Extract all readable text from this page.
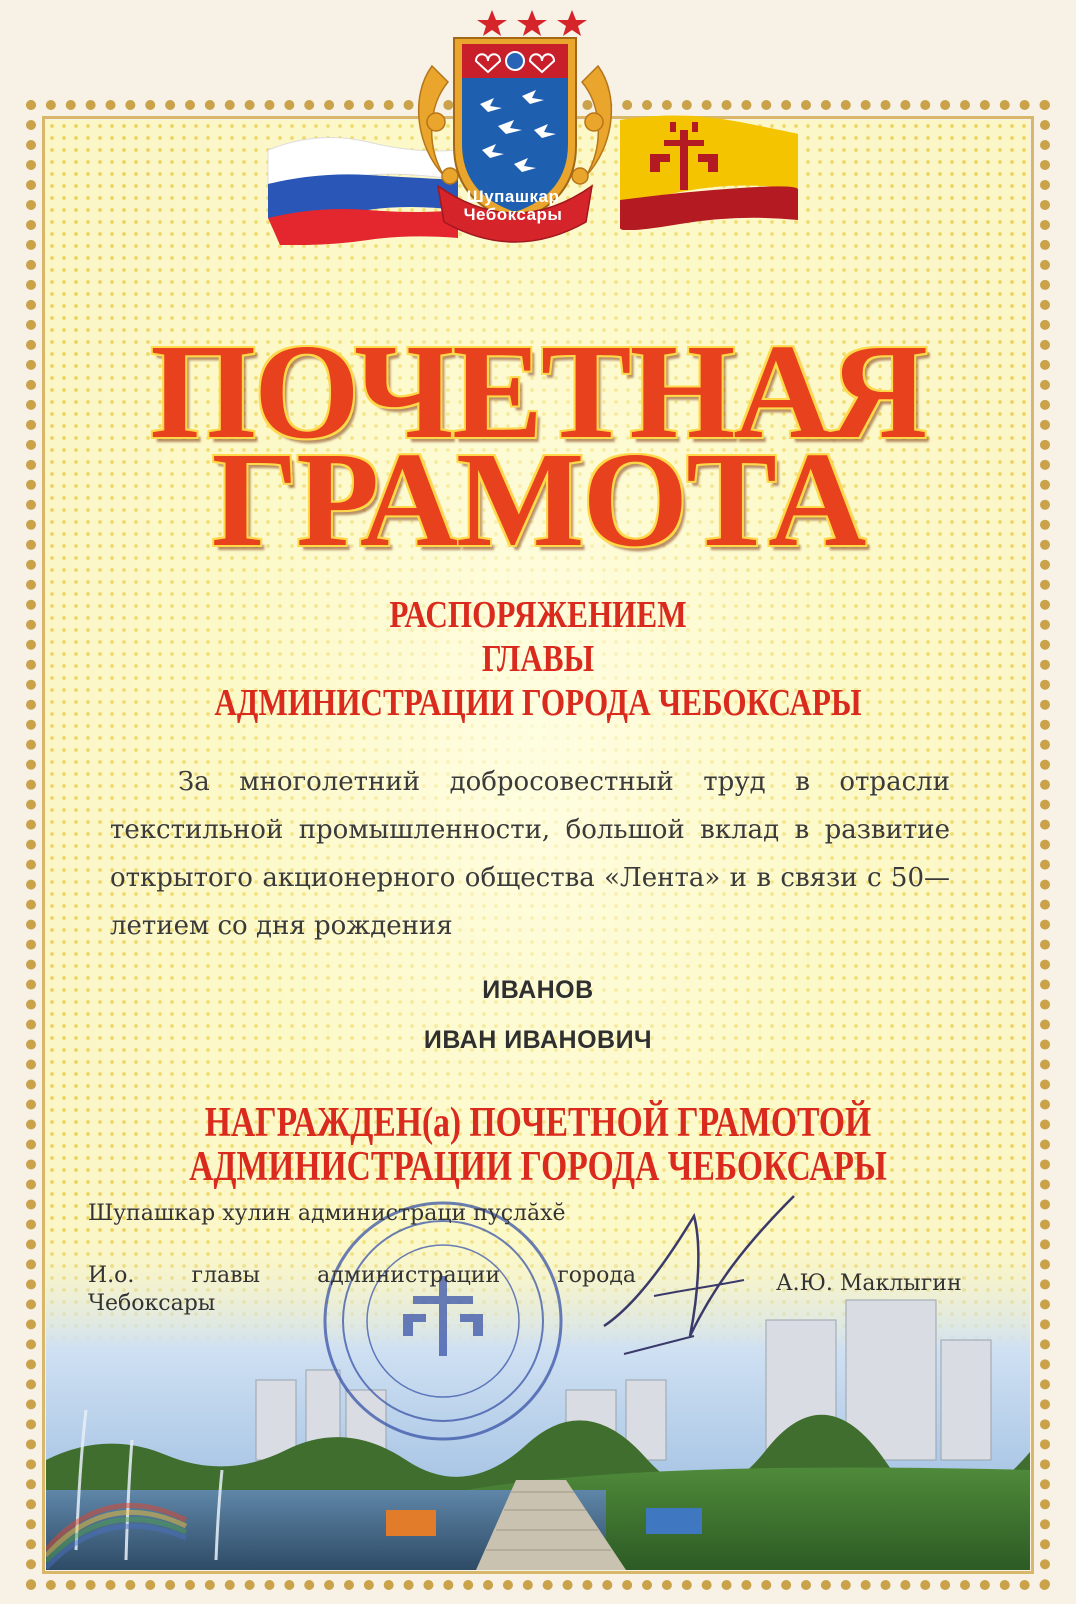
Шупашкар
Чебоксары
ПОЧЕТНАЯ
ГРАМОТА
РАСПОРЯЖЕНИЕМ
ГЛАВЫ
АДМИНИСТРАЦИИ ГОРОДА ЧЕБОКСАРЫ

За многолетний добросовестный труд в отрасли текстильной промышленности, большой вклад в развитие открытого акционерного общества «Лента» и в связи с 50—летием со дня рождения

ИВАНОВ
ИВАН ИВАНОВИЧ
НАГРАЖДЕН(а) ПОЧЕТНОЙ ГРАМОТОЙ
АДМИНИСТРАЦИИ ГОРОДА ЧЕБОКСАРЫ
Шупашкар хулин администраци пуçлăхĕ
И.о. главы администрации города
Чебоксары
А.Ю. Маклыгин
